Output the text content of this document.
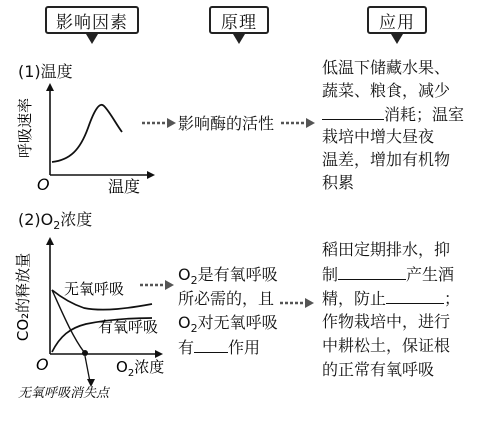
影响因素	原理	应用
(1)温度
呼吸速率
O	温度
影响酶的活性
低温下储藏水果、
蔬菜、粮食，减少
消耗；温室
栽培中增大昼夜
温差，增加有机物
积累
$(2)O_2$浓度
CO₂的释放量 无氧呼吸
有氧呼吸
O	$O_2$浓度
无氧呼吸消失点
$O_2$是有氧呼吸
所必需的，且
$O_2$对无氧呼吸
有 作用
稻田定期排水，抑
制	产生酒
精，防止	；
作物栽培中，进行
中耕松土，保证根
的正常有氧呼吸
